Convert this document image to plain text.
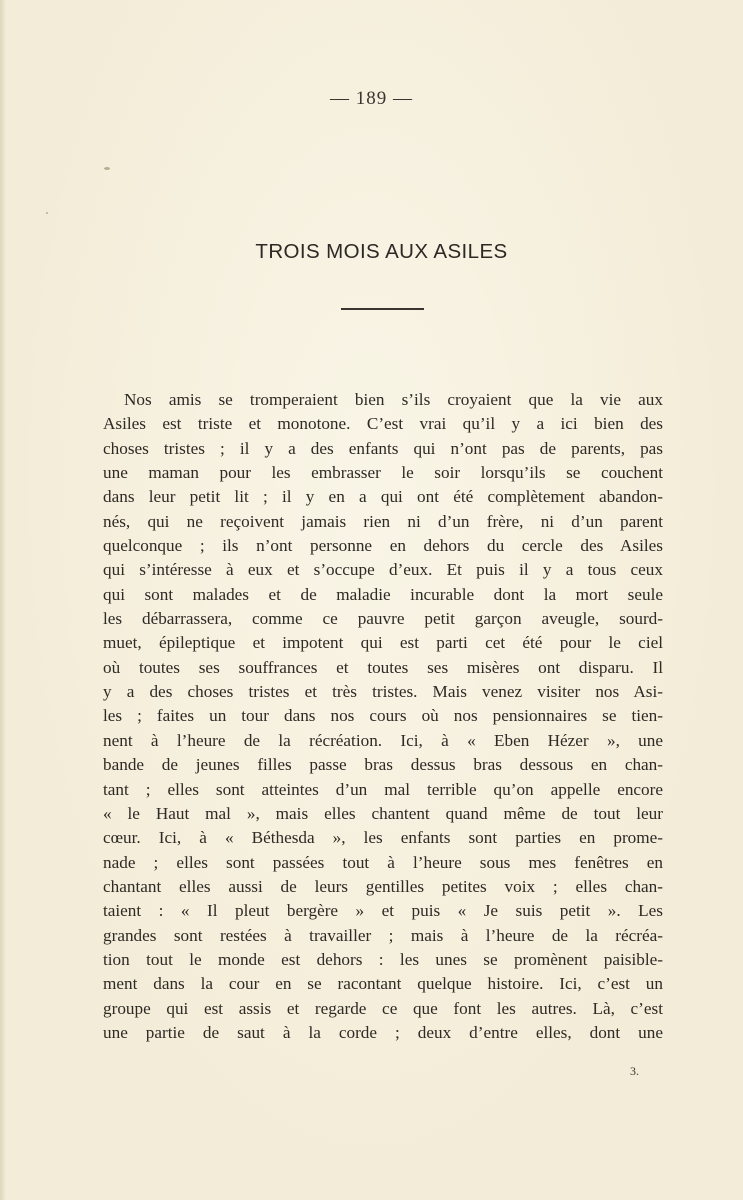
— 189 —
TROIS MOIS AUX ASILES
Nos amis se tromperaient bien s’ils croyaient que la vie aux
Asiles est triste et monotone. C’est vrai qu’il y a ici bien des
choses tristes ; il y a des enfants qui n’ont pas de parents, pas
une maman pour les embrasser le soir lorsqu’ils se couchent
dans leur petit lit ; il y en a qui ont été complètement abandon-
nés, qui ne reçoivent jamais rien ni d’un frère, ni d’un parent
quelconque ; ils n’ont personne en dehors du cercle des Asiles
qui s’intéresse à eux et s’occupe d’eux. Et puis il y a tous ceux
qui sont malades et de maladie incurable dont la mort seule
les débarrassera, comme ce pauvre petit garçon aveugle, sourd-
muet, épileptique et impotent qui est parti cet été pour le ciel
où toutes ses souffrances et toutes ses misères ont disparu. Il
y a des choses tristes et très tristes. Mais venez visiter nos Asi-
les ; faites un tour dans nos cours où nos pensionnaires se tien-
nent à l’heure de la récréation. Ici, à « Eben Hézer », une
bande de jeunes filles passe bras dessus bras dessous en chan-
tant ; elles sont atteintes d’un mal terrible qu’on appelle encore
« le Haut mal », mais elles chantent quand même de tout leur
cœur. Ici, à « Béthesda », les enfants sont parties en prome-
nade ; elles sont passées tout à l’heure sous mes fenêtres en
chantant elles aussi de leurs gentilles petites voix ; elles chan-
taient : « Il pleut bergère » et puis « Je suis petit ». Les
grandes sont restées à travailler ; mais à l’heure de la récréa-
tion tout le monde est dehors : les unes se promènent paisible-
ment dans la cour en se racontant quelque histoire. Ici, c’est un
groupe qui est assis et regarde ce que font les autres. Là, c’est
une partie de saut à la corde ; deux d’entre elles, dont une
3.
